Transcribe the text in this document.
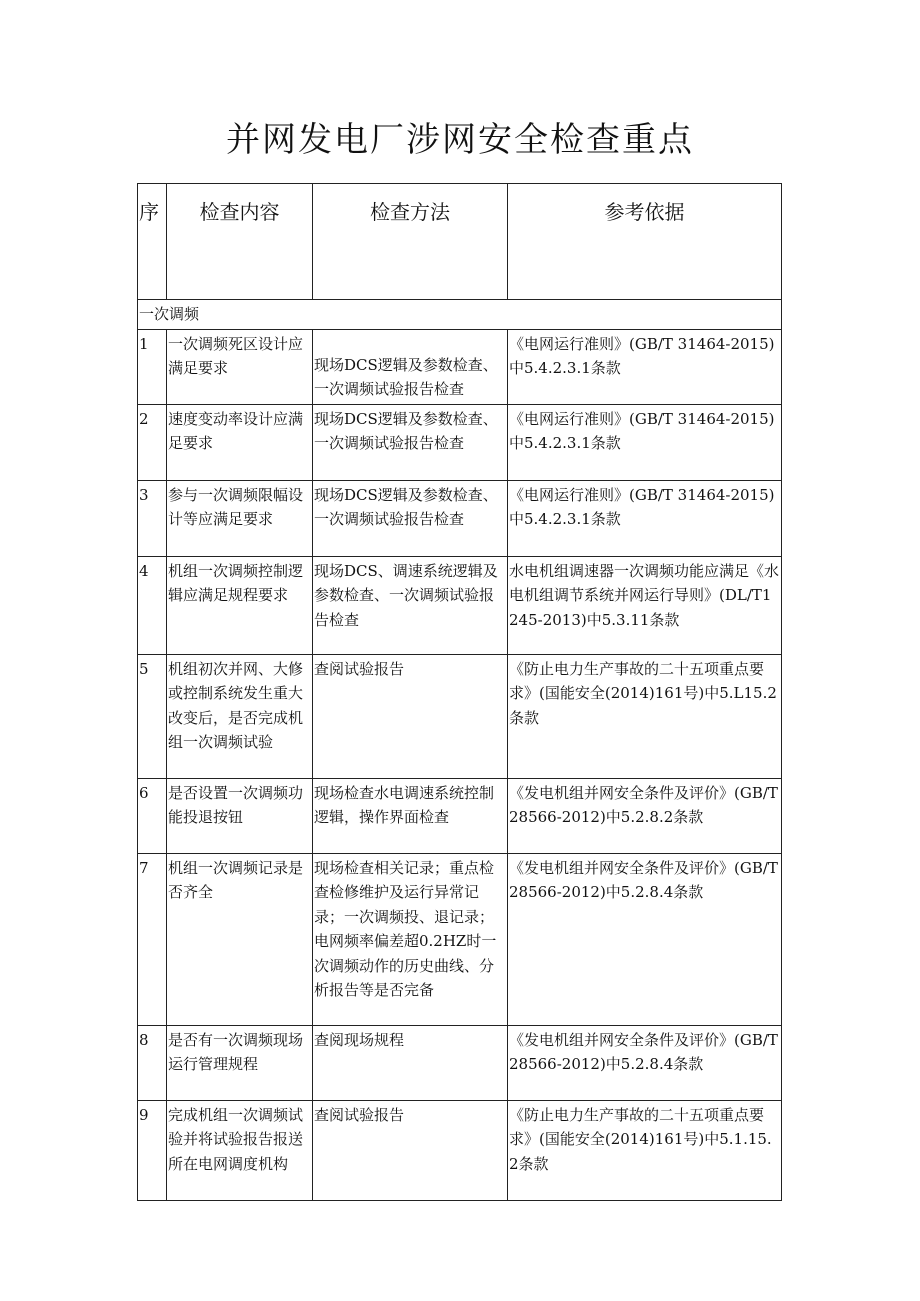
并网发电厂涉网安全检查重点
序	检查内容	检查方法	参考依据
一次调频			
1	一次调频死区设计应满足要求	现场DCS逻辑及参数检查、一次调频试验报告检查	《电网运行准则》(GB/T 31464-2015)中5.4.2.3.1条款
2	速度变动率设计应满足要求	现场DCS逻辑及参数检查、一次调频试验报告检查	《电网运行准则》(GB/T 31464-2015)中5.4.2.3.1条款
3	参与一次调频限幅设计等应满足要求	现场DCS逻辑及参数检查、一次调频试验报告检查	《电网运行准则》(GB/T 31464-2015)中5.4.2.3.1条款
4	机组一次调频控制逻辑应满足规程要求	现场DCS、调速系统逻辑及参数检查、一次调频试验报告检查	水电机组调速器一次调频功能应满足《水电机组调节系统并网运行导则》(DL/T1245-2013)中5.3.11条款
5	机组初次并网、大修或控制系统发生重大改变后，是否完成机组一次调频试验	查阅试验报告	《防止电力生产事故的二十五项重点要求》(国能安全(2014)161号)中5.L15.2条款
6	是否设置一次调频功能投退按钮	现场检查水电调速系统控制逻辑，操作界面检查	《发电机组并网安全条件及评价》(GB/T28566-2012)中5.2.8.2条款
7	机组一次调频记录是否齐全	现场检查相关记录；重点检查检修维护及运行异常记录；一次调频投、退记录；电网频率偏差超0.2HZ时一次调频动作的历史曲线、分析报告等是否完备	《发电机组并网安全条件及评价》(GB/T28566-2012)中5.2.8.4条款
8	是否有一次调频现场运行管理规程	查阅现场规程	《发电机组并网安全条件及评价》(GB/T28566-2012)中5.2.8.4条款
9	完成机组一次调频试验并将试验报告报送所在电网调度机构	查阅试验报告	《防止电力生产事故的二十五项重点要求》(国能安全(2014)161号)中5.1.15.2条款
